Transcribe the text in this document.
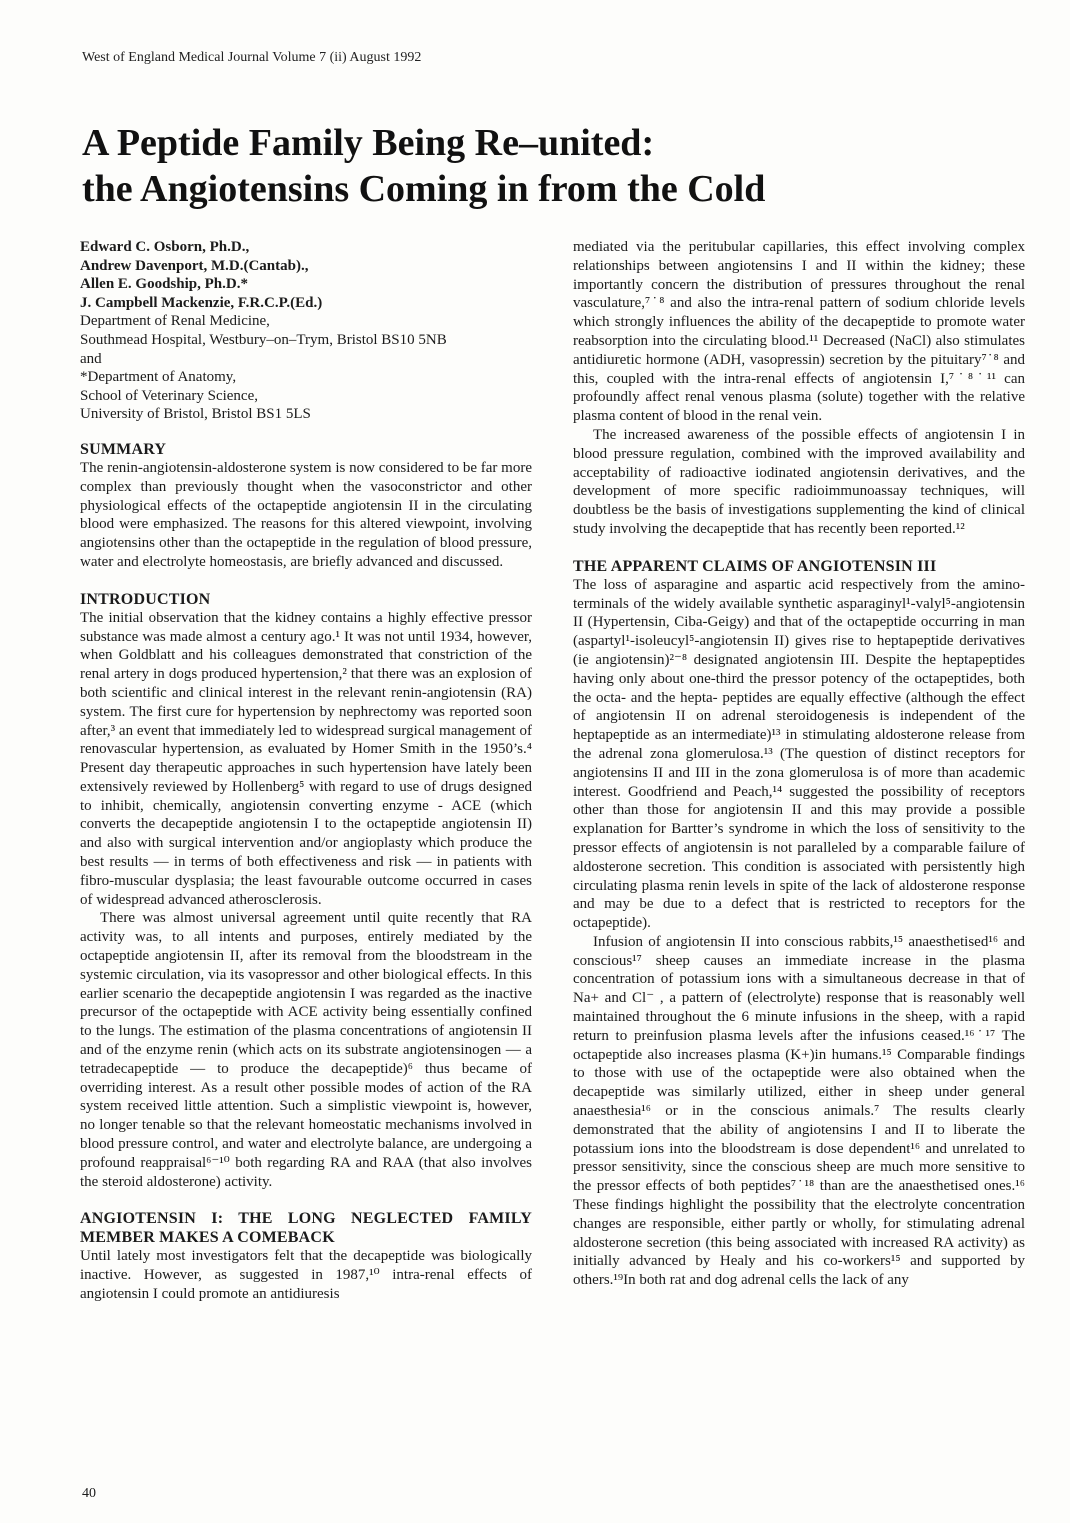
West of England Medical Journal Volume 7 (ii) August 1992
A Peptide Family Being Re–united:
the Angiotensins Coming in from the Cold
Edward C. Osborn, Ph.D.,
Andrew Davenport, M.D.(Cantab).,
Allen E. Goodship, Ph.D.*
J. Campbell Mackenzie, F.R.C.P.(Ed.)
Department of Renal Medicine,
Southmead Hospital, Westbury–on–Trym, Bristol BS10 5NB
and
*Department of Anatomy,
School of Veterinary Science,
University of Bristol, Bristol BS1 5LS
SUMMARY

The renin-angiotensin-aldosterone system is now considered to be far more complex than previously thought when the vasoconstrictor and other physiological effects of the octapeptide angiotensin II in the circulating blood were emphasized. The reasons for this altered viewpoint, involving angiotensins other than the octapeptide in the regulation of blood pressure, water and electrolyte homeostasis, are briefly advanced and discussed.

INTRODUCTION

The initial observation that the kidney contains a highly effective pressor substance was made almost a century ago.¹ It was not until 1934, however, when Goldblatt and his colleagues demonstrated that constriction of the renal artery in dogs produced hypertension,² that there was an explosion of both scientific and clinical interest in the relevant renin-angiotensin (RA) system. The first cure for hypertension by nephrectomy was reported soon after,³ an event that immediately led to widespread surgical management of renovascular hypertension, as evaluated by Homer Smith in the 1950’s.⁴ Present day therapeutic approaches in such hypertension have lately been extensively reviewed by Hollenberg⁵ with regard to use of drugs designed to inhibit, chemically, angiotensin converting enzyme - ACE (which converts the decapeptide angiotensin I to the octapeptide angiotensin II) and also with surgical intervention and/or angioplasty which produce the best results — in terms of both effectiveness and risk — in patients with fibro-muscular dysplasia; the least favourable outcome occurred in cases of widespread advanced atherosclerosis.

There was almost universal agreement until quite recently that RA activity was, to all intents and purposes, entirely mediated by the octapeptide angiotensin II, after its removal from the bloodstream in the systemic circulation, via its vasopressor and other biological effects. In this earlier scenario the decapeptide angiotensin I was regarded as the inactive precursor of the octapeptide with ACE activity being essentially confined to the lungs. The estimation of the plasma concentrations of angiotensin II and of the enzyme renin (which acts on its substrate angiotensinogen — a tetradecapeptide — to produce the decapeptide)⁶ thus became of overriding interest. As a result other possible modes of action of the RA system received little attention. Such a simplistic viewpoint is, however, no longer tenable so that the relevant homeostatic mechanisms involved in blood pressure control, and water and electrolyte balance, are undergoing a profound reappraisal⁶⁻¹⁰ both regarding RA and RAA (that also involves the steroid aldosterone) activity.

ANGIOTENSIN I: THE LONG NEGLECTED FAMILY MEMBER MAKES A COMEBACK

Until lately most investigators felt that the decapeptide was biologically inactive. However, as suggested in 1987,¹⁰ intra-renal effects of angiotensin I could promote an antidiuresis

mediated via the peritubular capillaries, this effect involving complex relationships between angiotensins I and II within the kidney; these importantly concern the distribution of pressures throughout the renal vasculature,⁷˙⁸ and also the intra-renal pattern of sodium chloride levels which strongly influences the ability of the decapeptide to promote water reabsorption into the circulating blood.¹¹ Decreased (NaCl) also stimulates antidiuretic hormone (ADH, vasopressin) secretion by the pituitary⁷˙⁸ and this, coupled with the intra-renal effects of angiotensin I,⁷˙⁸˙¹¹ can profoundly affect renal venous plasma (solute) together with the relative plasma content of blood in the renal vein.

The increased awareness of the possible effects of angiotensin I in blood pressure regulation, combined with the improved availability and acceptability of radioactive iodinated angiotensin derivatives, and the development of more specific radioimmunoassay techniques, will doubtless be the basis of investigations supplementing the kind of clinical study involving the decapeptide that has recently been reported.¹²

THE APPARENT CLAIMS OF ANGIOTENSIN III

The loss of asparagine and aspartic acid respectively from the amino-terminals of the widely available synthetic asparaginyl¹-valyl⁵-angiotensin II (Hypertensin, Ciba-Geigy) and that of the octapeptide occurring in man (aspartyl¹-isoleucyl⁵-angiotensin II) gives rise to heptapeptide derivatives (ie angiotensin)²⁻⁸ designated angiotensin III. Despite the heptapeptides having only about one-third the pressor potency of the octapeptides, both the octa- and the hepta- peptides are equally effective (although the effect of angiotensin II on adrenal steroidogenesis is independent of the heptapeptide as an intermediate)¹³ in stimulating aldosterone release from the adrenal zona glomerulosa.¹³ (The question of distinct receptors for angiotensins II and III in the zona glomerulosa is of more than academic interest. Goodfriend and Peach,¹⁴ suggested the possibility of receptors other than those for angiotensin II and this may provide a possible explanation for Bartter’s syndrome in which the loss of sensitivity to the pressor effects of angiotensin is not paralleled by a comparable failure of aldosterone secretion. This condition is associated with persistently high circulating plasma renin levels in spite of the lack of aldosterone response and may be due to a defect that is restricted to receptors for the octapeptide).

Infusion of angiotensin II into conscious rabbits,¹⁵ anaesthetised¹⁶ and conscious¹⁷ sheep causes an immediate increase in the plasma concentration of potassium ions with a simultaneous decrease in that of Na+ and Cl⁻ , a pattern of (electrolyte) response that is reasonably well maintained throughout the 6 minute infusions in the sheep, with a rapid return to preinfusion plasma levels after the infusions ceased.¹⁶˙¹⁷ The octapeptide also increases plasma (K+)in humans.¹⁵ Comparable findings to those with use of the octapeptide were also obtained when the decapeptide was similarly utilized, either in sheep under general anaesthesia¹⁶ or in the conscious animals.⁷ The results clearly demonstrated that the ability of angiotensins I and II to liberate the potassium ions into the bloodstream is dose dependent¹⁶ and unrelated to pressor sensitivity, since the conscious sheep are much more sensitive to the pressor effects of both peptides⁷˙¹⁸ than are the anaesthetised ones.¹⁶ These findings highlight the possibility that the electrolyte concentration changes are responsible, either partly or wholly, for stimulating adrenal aldosterone secretion (this being associated with increased RA activity) as initially advanced by Healy and his co-workers¹⁵ and supported by others.¹⁹In both rat and dog adrenal cells the lack of any

40
